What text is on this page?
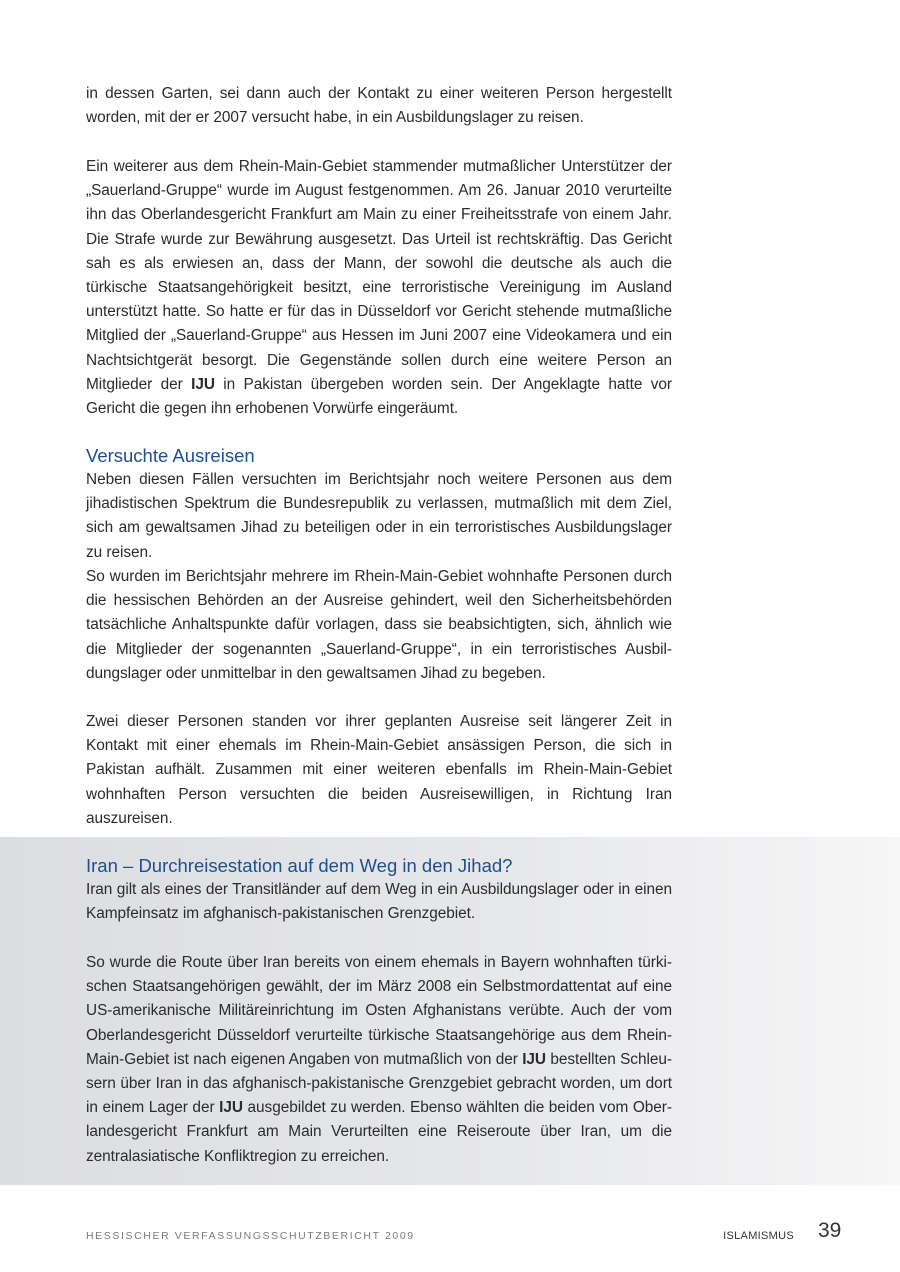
in dessen Garten, sei dann auch der Kontakt zu einer weiteren Person hergestellt worden, mit der er 2007 versucht habe, in ein Ausbildungslager zu reisen.

Ein weiterer aus dem Rhein-Main-Gebiet stammender mutmaßlicher Unterstützer der „Sauerland-Gruppe“ wurde im August festgenommen. Am 26. Januar 2010 verurteilte ihn das Oberlandesgericht Frankfurt am Main zu einer Freiheitsstrafe von einem Jahr. Die Strafe wurde zur Bewährung ausgesetzt. Das Urteil ist rechtskräftig. Das Gericht sah es als erwiesen an, dass der Mann, der sowohl die deutsche als auch die türkische Staatsangehörigkeit besitzt, eine terroristische Vereinigung im Ausland unterstützt hatte. So hatte er für das in Düsseldorf vor Gericht stehende mutmaßliche Mitglied der „Sauerland-Gruppe“ aus Hessen im Juni 2007 eine Videokamera und ein Nachtsichtgerät besorgt. Die Gegenstände sollen durch eine weitere Person an Mitglieder der IJU in Pakistan übergeben worden sein. Der Angeklagte hatte vor Gericht die gegen ihn erhobenen Vorwürfe eingeräumt.

Versuchte Ausreisen

Neben diesen Fällen versuchten im Berichtsjahr noch weitere Personen aus dem jihadistischen Spektrum die Bundesrepublik zu verlassen, mutmaßlich mit dem Ziel, sich am gewaltsamen Jihad zu beteiligen oder in ein terroristisches Ausbildungslager zu reisen.

So wurden im Berichtsjahr mehrere im Rhein-Main-Gebiet wohnhafte Personen durch die hessischen Behörden an der Ausreise gehindert, weil den Sicherheitsbehörden tatsächliche Anhaltspunkte dafür vorlagen, dass sie beabsichtigten, sich, ähnlich wie die Mitglieder der sogenannten „Sauerland-Gruppe“, in ein terroristisches Ausbildungslager oder unmittelbar in den gewaltsamen Jihad zu begeben.

Zwei dieser Personen standen vor ihrer geplanten Ausreise seit längerer Zeit in Kontakt mit einer ehemals im Rhein-Main-Gebiet ansässigen Person, die sich in Pakistan aufhält. Zusammen mit einer weiteren ebenfalls im Rhein-Main-Gebiet wohnhaften Person versuchten die beiden Ausreisewilligen, in Richtung Iran auszureisen.

Iran – Durchreisestation auf dem Weg in den Jihad?

Iran gilt als eines der Transitländer auf dem Weg in ein Ausbildungslager oder in einen Kampfeinsatz im afghanisch-pakistanischen Grenzgebiet.

So wurde die Route über Iran bereits von einem ehemals in Bayern wohnhaften türkischen Staatsangehörigen gewählt, der im März 2008 ein Selbstmordattentat auf eine US-amerikanische Militäreinrichtung im Osten Afghanistans verübte. Auch der vom Oberlandesgericht Düsseldorf verurteilte türkische Staatsangehörige aus dem Rhein-Main-Gebiet ist nach eigenen Angaben von mutmaßlich von der IJU bestellten Schleusern über Iran in das afghanisch-pakistanische Grenzgebiet gebracht worden, um dort in einem Lager der IJU ausgebildet zu werden. Ebenso wählten die beiden vom Oberlandesgericht Frankfurt am Main Verurteilten eine Reiseroute über Iran, um die zentralasiatische Konfliktregion zu erreichen.

HESSISCHER VERFASSUNGSSCHUTZBERICHT 2009	ISLAMISMUS 39
